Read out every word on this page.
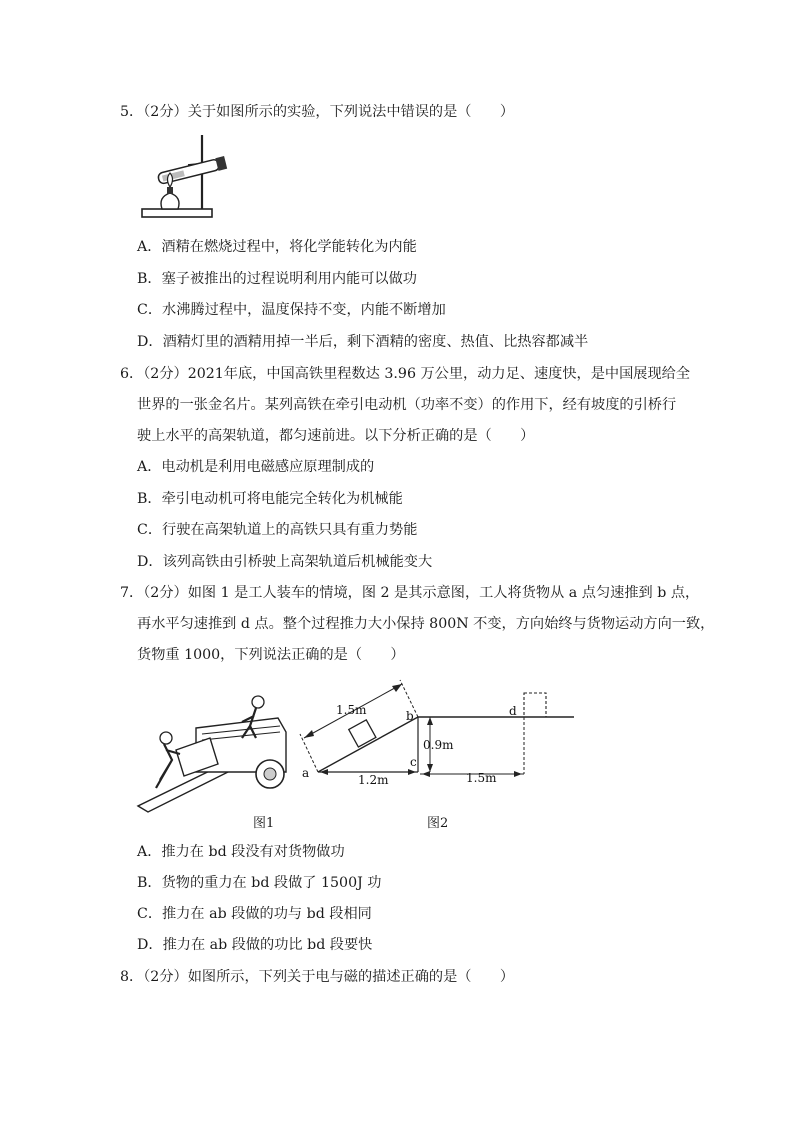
5．（2分）关于如图所示的实验，下列说法中错误的是（　　）
A．酒精在燃烧过程中，将化学能转化为内能
B．塞子被推出的过程说明利用内能可以做功
C．水沸腾过程中，温度保持不变，内能不断增加
D．酒精灯里的酒精用掉一半后，剩下酒精的密度、热值、比热容都减半
6．（2分）2021年底，中国高铁里程数达 3.96 万公里，动力足、速度快，是中国展现给全
世界的一张金名片。某列高铁在牵引电动机（功率不变）的作用下，经有坡度的引桥行
驶上水平的高架轨道，都匀速前进。以下分析正确的是（　　）
A．电动机是利用电磁感应原理制成的
B．牵引电动机可将电能完全转化为机械能
C．行驶在高架轨道上的高铁只具有重力势能
D．该列高铁由引桥驶上高架轨道后机械能变大
7．（2分）如图 1 是工人装车的情境，图 2 是其示意图，工人将货物从 a 点匀速推到 b 点，
再水平匀速推到 d 点。整个过程推力大小保持 800N 不变，方向始终与货物运动方向一致，
货物重 1000，下列说法正确的是（　　）
1.5m	b	d
0.9m
c
a	1.2m	1.5m
图1	图2
A．推力在 bd 段没有对货物做功
B．货物的重力在 bd 段做了 1500J 功
C．推力在 ab 段做的功与 bd 段相同
D．推力在 ab 段做的功比 bd 段要快
8．（2分）如图所示，下列关于电与磁的描述正确的是（　　）
